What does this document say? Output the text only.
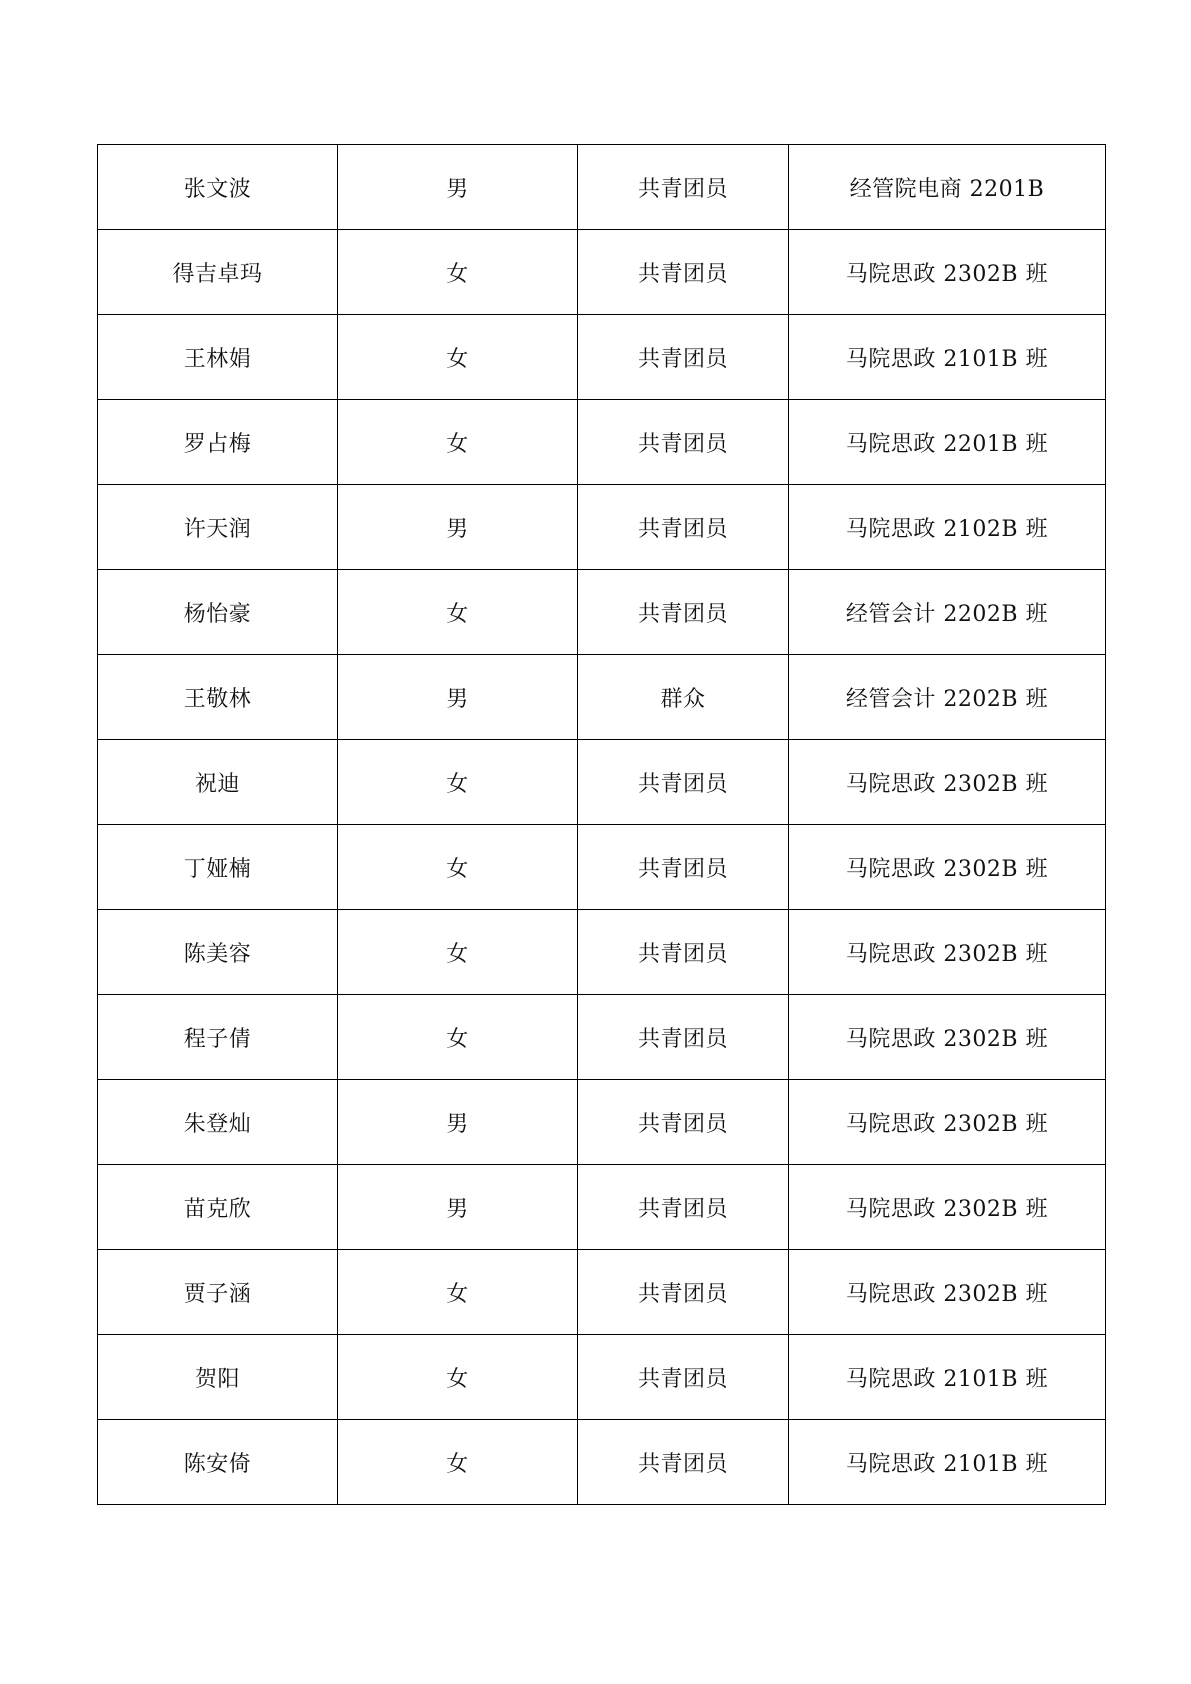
张文波	男	共青团员	经管院电商 2201B
得吉卓玛	女	共青团员	马院思政 2302B 班
王林娟	女	共青团员	马院思政 2101B 班
罗占梅	女	共青团员	马院思政 2201B 班
许天润	男	共青团员	马院思政 2102B 班
杨怡豪	女	共青团员	经管会计 2202B 班
王敬林	男	群众	经管会计 2202B 班
祝迪	女	共青团员	马院思政 2302B 班
丁娅楠	女	共青团员	马院思政 2302B 班
陈美容	女	共青团员	马院思政 2302B 班
程子倩	女	共青团员	马院思政 2302B 班
朱登灿	男	共青团员	马院思政 2302B 班
苗克欣	男	共青团员	马院思政 2302B 班
贾子涵	女	共青团员	马院思政 2302B 班
贺阳	女	共青团员	马院思政 2101B 班
陈安倚	女	共青团员	马院思政 2101B 班
